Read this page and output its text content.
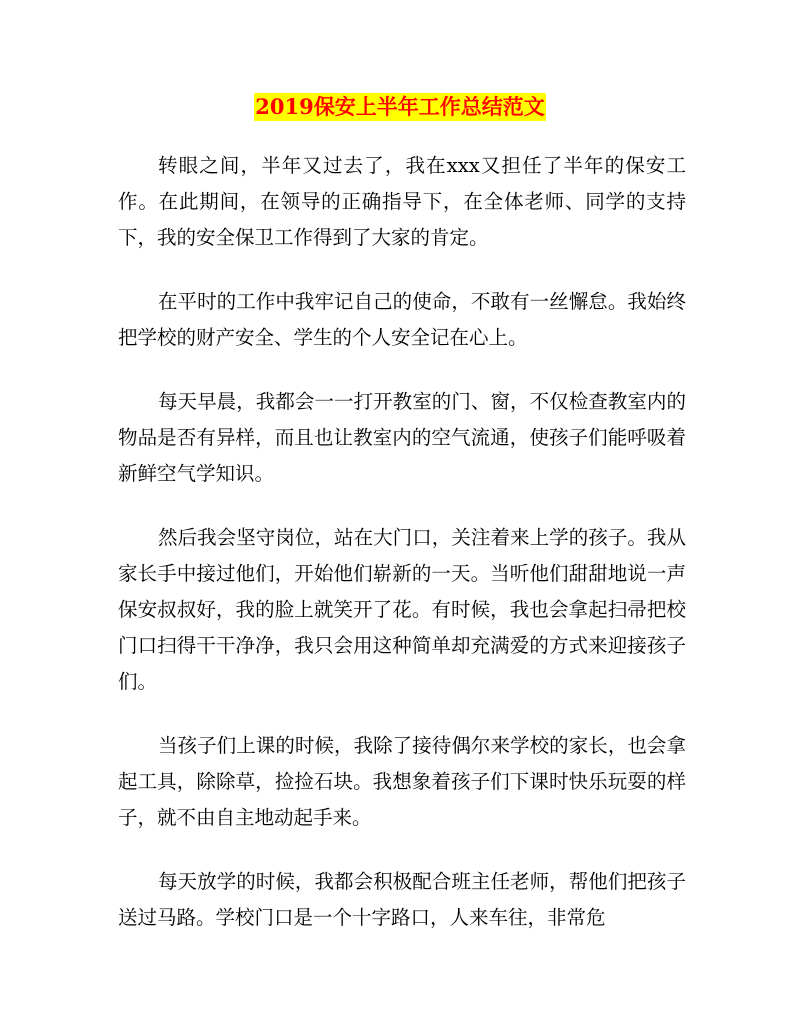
2019保安上半年工作总结范文

转眼之间，半年又过去了，我在xxx又担任了半年的保安工作。在此期间，在领导的正确指导下，在全体老师、同学的支持下，我的安全保卫工作得到了大家的肯定。

在平时的工作中我牢记自己的使命，不敢有一丝懈怠。我始终把学校的财产安全、学生的个人安全记在心上。

每天早晨，我都会一一打开教室的门、窗，不仅检查教室内的物品是否有异样，而且也让教室内的空气流通，使孩子们能呼吸着新鲜空气学知识。

然后我会坚守岗位，站在大门口，关注着来上学的孩子。我从家长手中接过他们，开始他们崭新的一天。当听他们甜甜地说一声保安叔叔好，我的脸上就笑开了花。有时候，我也会拿起扫帚把校门口扫得干干净净，我只会用这种简单却充满爱的方式来迎接孩子们。

当孩子们上课的时候，我除了接待偶尔来学校的家长，也会拿起工具，除除草，捡捡石块。我想象着孩子们下课时快乐玩耍的样子，就不由自主地动起手来。

每天放学的时候，我都会积极配合班主任老师，帮他们把孩子送过马路。学校门口是一个十字路口，人来车往，非常危
